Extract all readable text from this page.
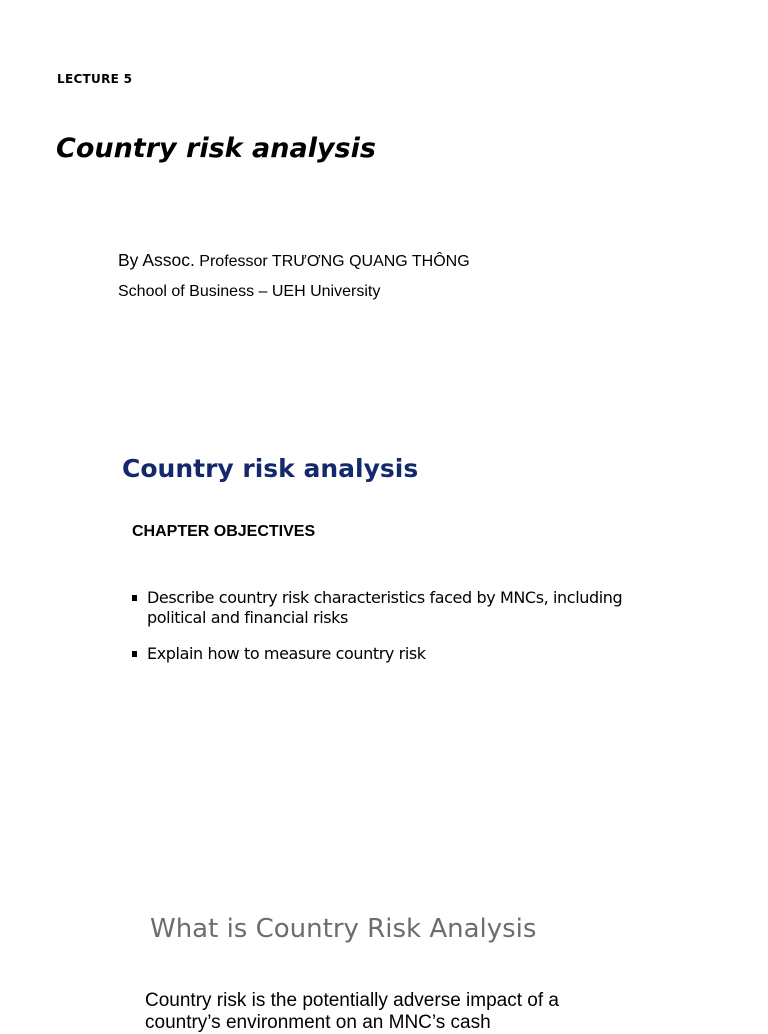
LECTURE 5
Country risk analysis
By Assoc. Professor TRƯƠNG QUANG THÔNG
School of Business – UEH University
Country risk analysis
CHAPTER OBJECTIVES
Describe country risk characteristics faced by MNCs, including political and financial risks
Explain how to measure country risk
What is Country Risk Analysis
Country risk is the potentially adverse impact of a country’s environment on an MNC’s cash
